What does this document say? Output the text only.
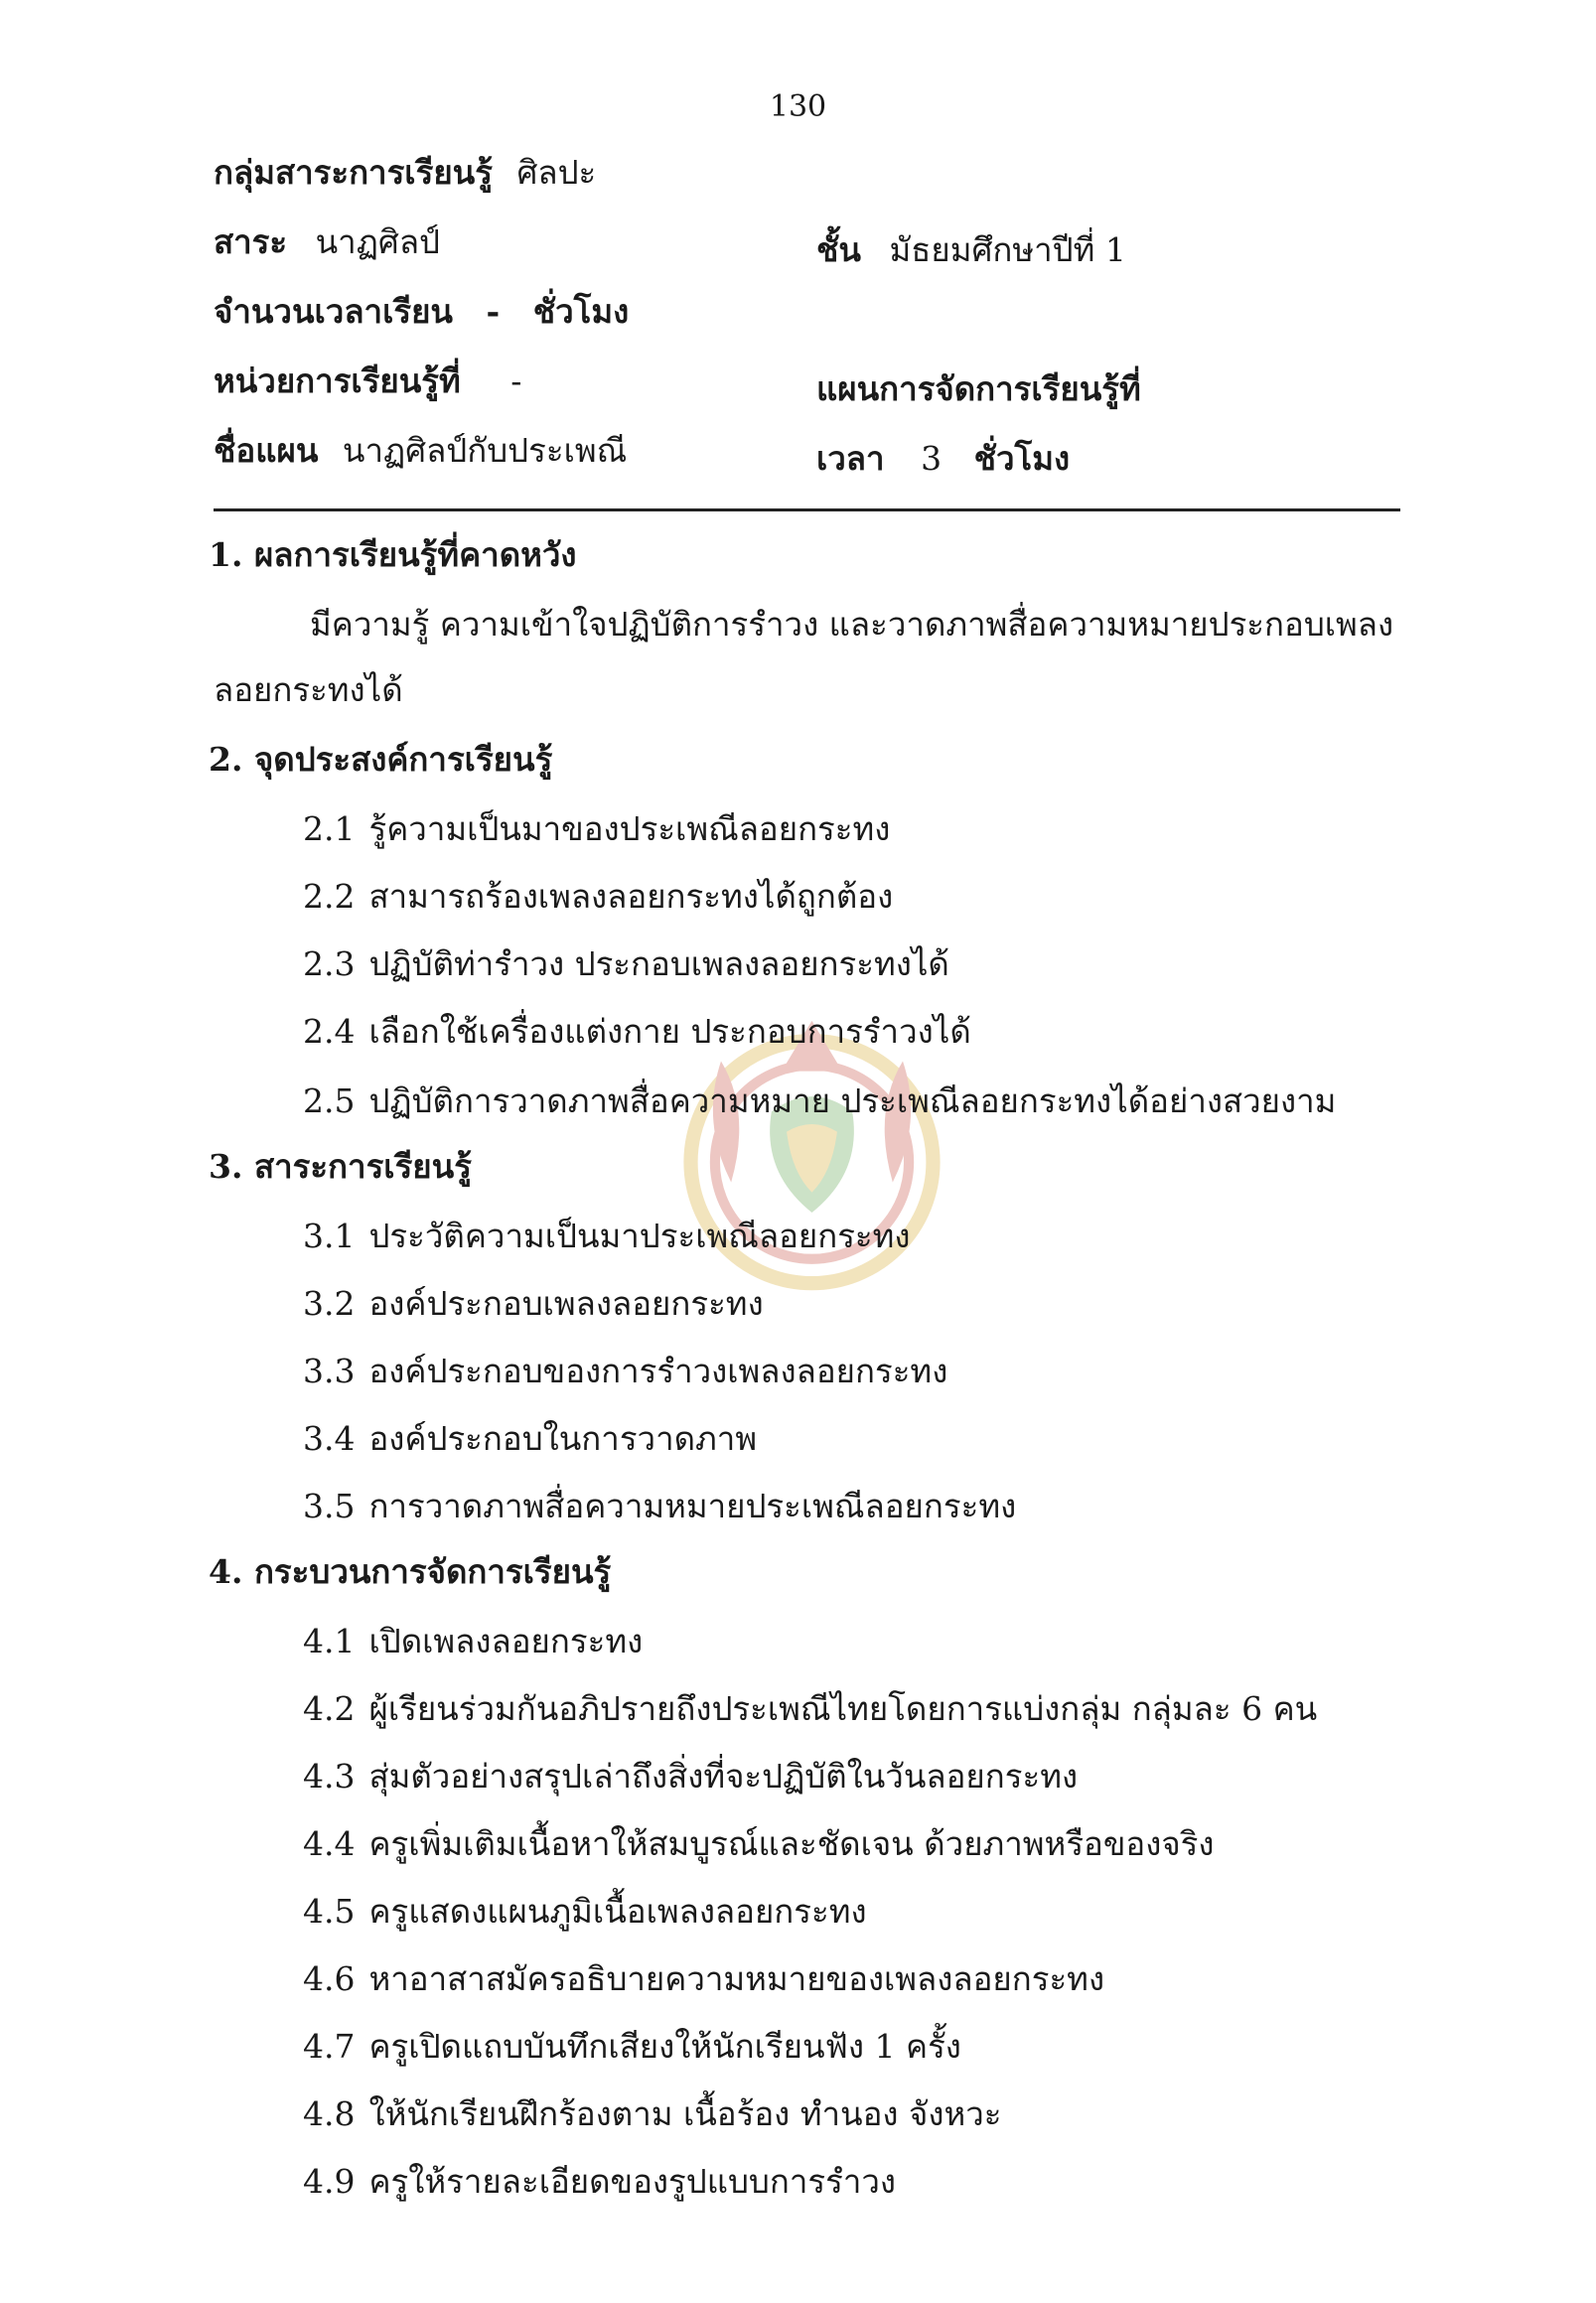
130
กลุ่มสาระการเรียนรู้ ศิลปะ
สาระ นาฏศิลป์	ชั้น มัธยมศึกษาปีที่ 1
จำนวนเวลาเรียน - ชั่วโมง
หน่วยการเรียนรู้ที่ -	แผนการจัดการเรียนรู้ที่
ชื่อแผน นาฏศิลป์กับประเพณี	เวลา 3 ชั่วโมง
1. ผลการเรียนรู้ที่คาดหวัง
มีความรู้ ความเข้าใจปฏิบัติการรำวง และวาดภาพสื่อความหมายประกอบเพลง
ลอยกระทงได้
2. จุดประสงค์การเรียนรู้
2.1 รู้ความเป็นมาของประเพณีลอยกระทง
2.2 สามารถร้องเพลงลอยกระทงได้ถูกต้อง
2.3 ปฏิบัติท่ารำวง ประกอบเพลงลอยกระทงได้
2.4 เลือกใช้เครื่องแต่งกาย ประกอบการรำวงได้
2.5 ปฏิบัติการวาดภาพสื่อความหมาย ประเพณีลอยกระทงได้อย่างสวยงาม
3. สาระการเรียนรู้
3.1 ประวัติความเป็นมาประเพณีลอยกระทง
3.2 องค์ประกอบเพลงลอยกระทง
3.3 องค์ประกอบของการรำวงเพลงลอยกระทง
3.4 องค์ประกอบในการวาดภาพ
3.5 การวาดภาพสื่อความหมายประเพณีลอยกระทง
4. กระบวนการจัดการเรียนรู้
4.1 เปิดเพลงลอยกระทง
4.2 ผู้เรียนร่วมกันอภิปรายถึงประเพณีไทยโดยการแบ่งกลุ่ม กลุ่มละ 6 คน
4.3 สุ่มตัวอย่างสรุปเล่าถึงสิ่งที่จะปฏิบัติในวันลอยกระทง
4.4 ครูเพิ่มเติมเนื้อหาให้สมบูรณ์และชัดเจน ด้วยภาพหรือของจริง
4.5 ครูแสดงแผนภูมิเนื้อเพลงลอยกระทง
4.6 หาอาสาสมัครอธิบายความหมายของเพลงลอยกระทง
4.7 ครูเปิดแถบบันทึกเสียงให้นักเรียนฟัง 1 ครั้ง
4.8 ให้นักเรียนฝึกร้องตาม เนื้อร้อง ทำนอง จังหวะ
4.9 ครูให้รายละเอียดของรูปแบบการรำวง
